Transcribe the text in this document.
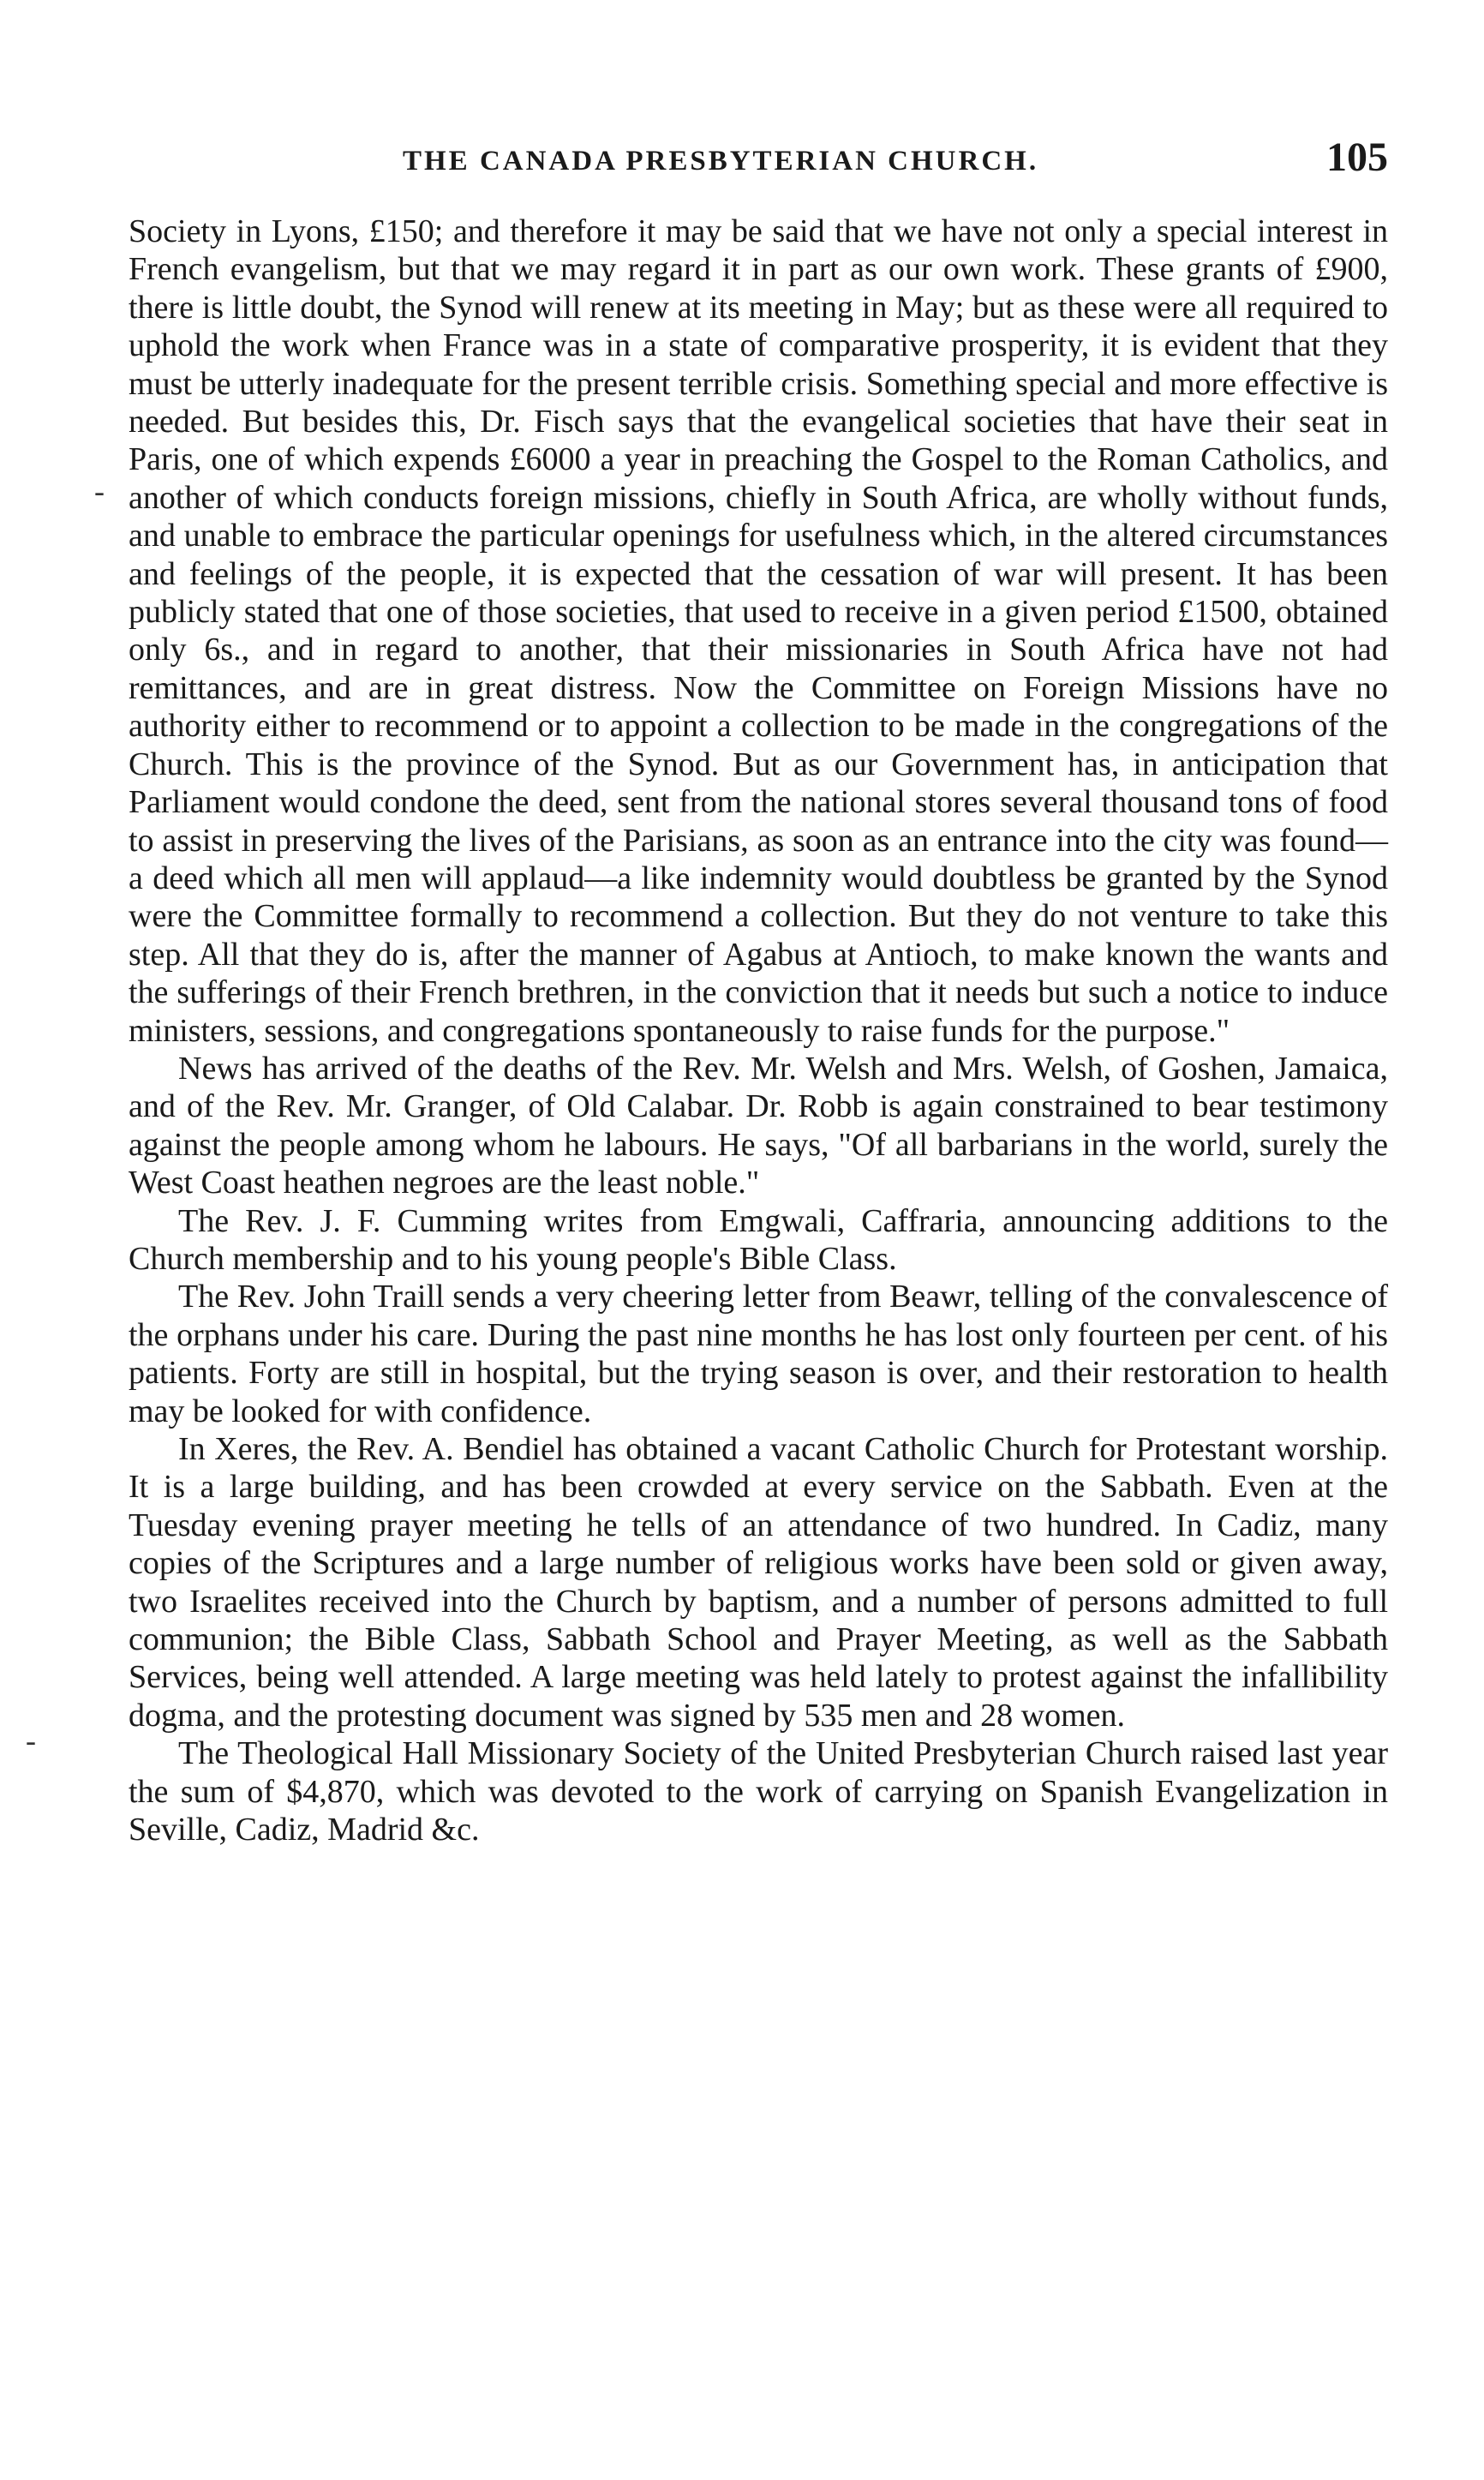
THE CANADA PRESBYTERIAN CHURCH.	105

Society in Lyons, £150; and therefore it may be said that we have not only a special interest in French evangelism, but that we may regard it in part as our own work. These grants of £900, there is little doubt, the Synod will renew at its meeting in May; but as these were all required to uphold the work when France was in a state of comparative prosperity, it is evident that they must be utterly inadequate for the present terrible crisis. Something special and more effective is needed. But besides this, Dr. Fisch says that the evangelical societies that have their seat in Paris, one of which expends £6000 a year in preaching the Gospel to the Roman Catholics, and another of which conducts foreign missions, chiefly in South Africa, are wholly without funds, and unable to embrace the particular openings for usefulness which, in the altered circumstances and feelings of the people, it is expected that the cessation of war will present. It has been publicly stated that one of those societies, that used to receive in a given period £1500, obtained only 6s., and in regard to another, that their missionaries in South Africa have not had remittances, and are in great distress. Now the Committee on Foreign Missions have no authority either to recommend or to appoint a collection to be made in the congregations of the Church. This is the province of the Synod. But as our Government has, in anticipation that Parliament would condone the deed, sent from the national stores several thousand tons of food to assist in preserving the lives of the Parisians, as soon as an entrance into the city was found—a deed which all men will applaud—a like indemnity would doubtless be granted by the Synod were the Committee formally to recommend a collection. But they do not venture to take this step. All that they do is, after the manner of Agabus at Antioch, to make known the wants and the sufferings of their French brethren, in the conviction that it needs but such a notice to induce ministers, sessions, and congregations spontaneously to raise funds for the purpose."

News has arrived of the deaths of the Rev. Mr. Welsh and Mrs. Welsh, of Goshen, Jamaica, and of the Rev. Mr. Granger, of Old Calabar. Dr. Robb is again constrained to bear testimony against the people among whom he labours. He says, "Of all barbarians in the world, surely the West Coast heathen negroes are the least noble."

The Rev. J. F. Cumming writes from Emgwali, Caffraria, announcing additions to the Church membership and to his young people's Bible Class.

The Rev. John Traill sends a very cheering letter from Beawr, telling of the convalescence of the orphans under his care. During the past nine months he has lost only fourteen per cent. of his patients. Forty are still in hospital, but the trying season is over, and their restoration to health may be looked for with confidence.

In Xeres, the Rev. A. Bendiel has obtained a vacant Catholic Church for Protestant worship. It is a large building, and has been crowded at every service on the Sabbath. Even at the Tuesday evening prayer meeting he tells of an attendance of two hundred. In Cadiz, many copies of the Scriptures and a large number of religious works have been sold or given away, two Israelites received into the Church by baptism, and a number of persons admitted to full communion; the Bible Class, Sabbath School and Prayer Meeting, as well as the Sabbath Services, being well attended. A large meeting was held lately to protest against the infallibility dogma, and the protesting document was signed by 535 men and 28 women.

The Theological Hall Missionary Society of the United Presbyterian Church raised last year the sum of $4,870, which was devoted to the work of carrying on Spanish Evangelization in Seville, Cadiz, Madrid &c.

-
-
